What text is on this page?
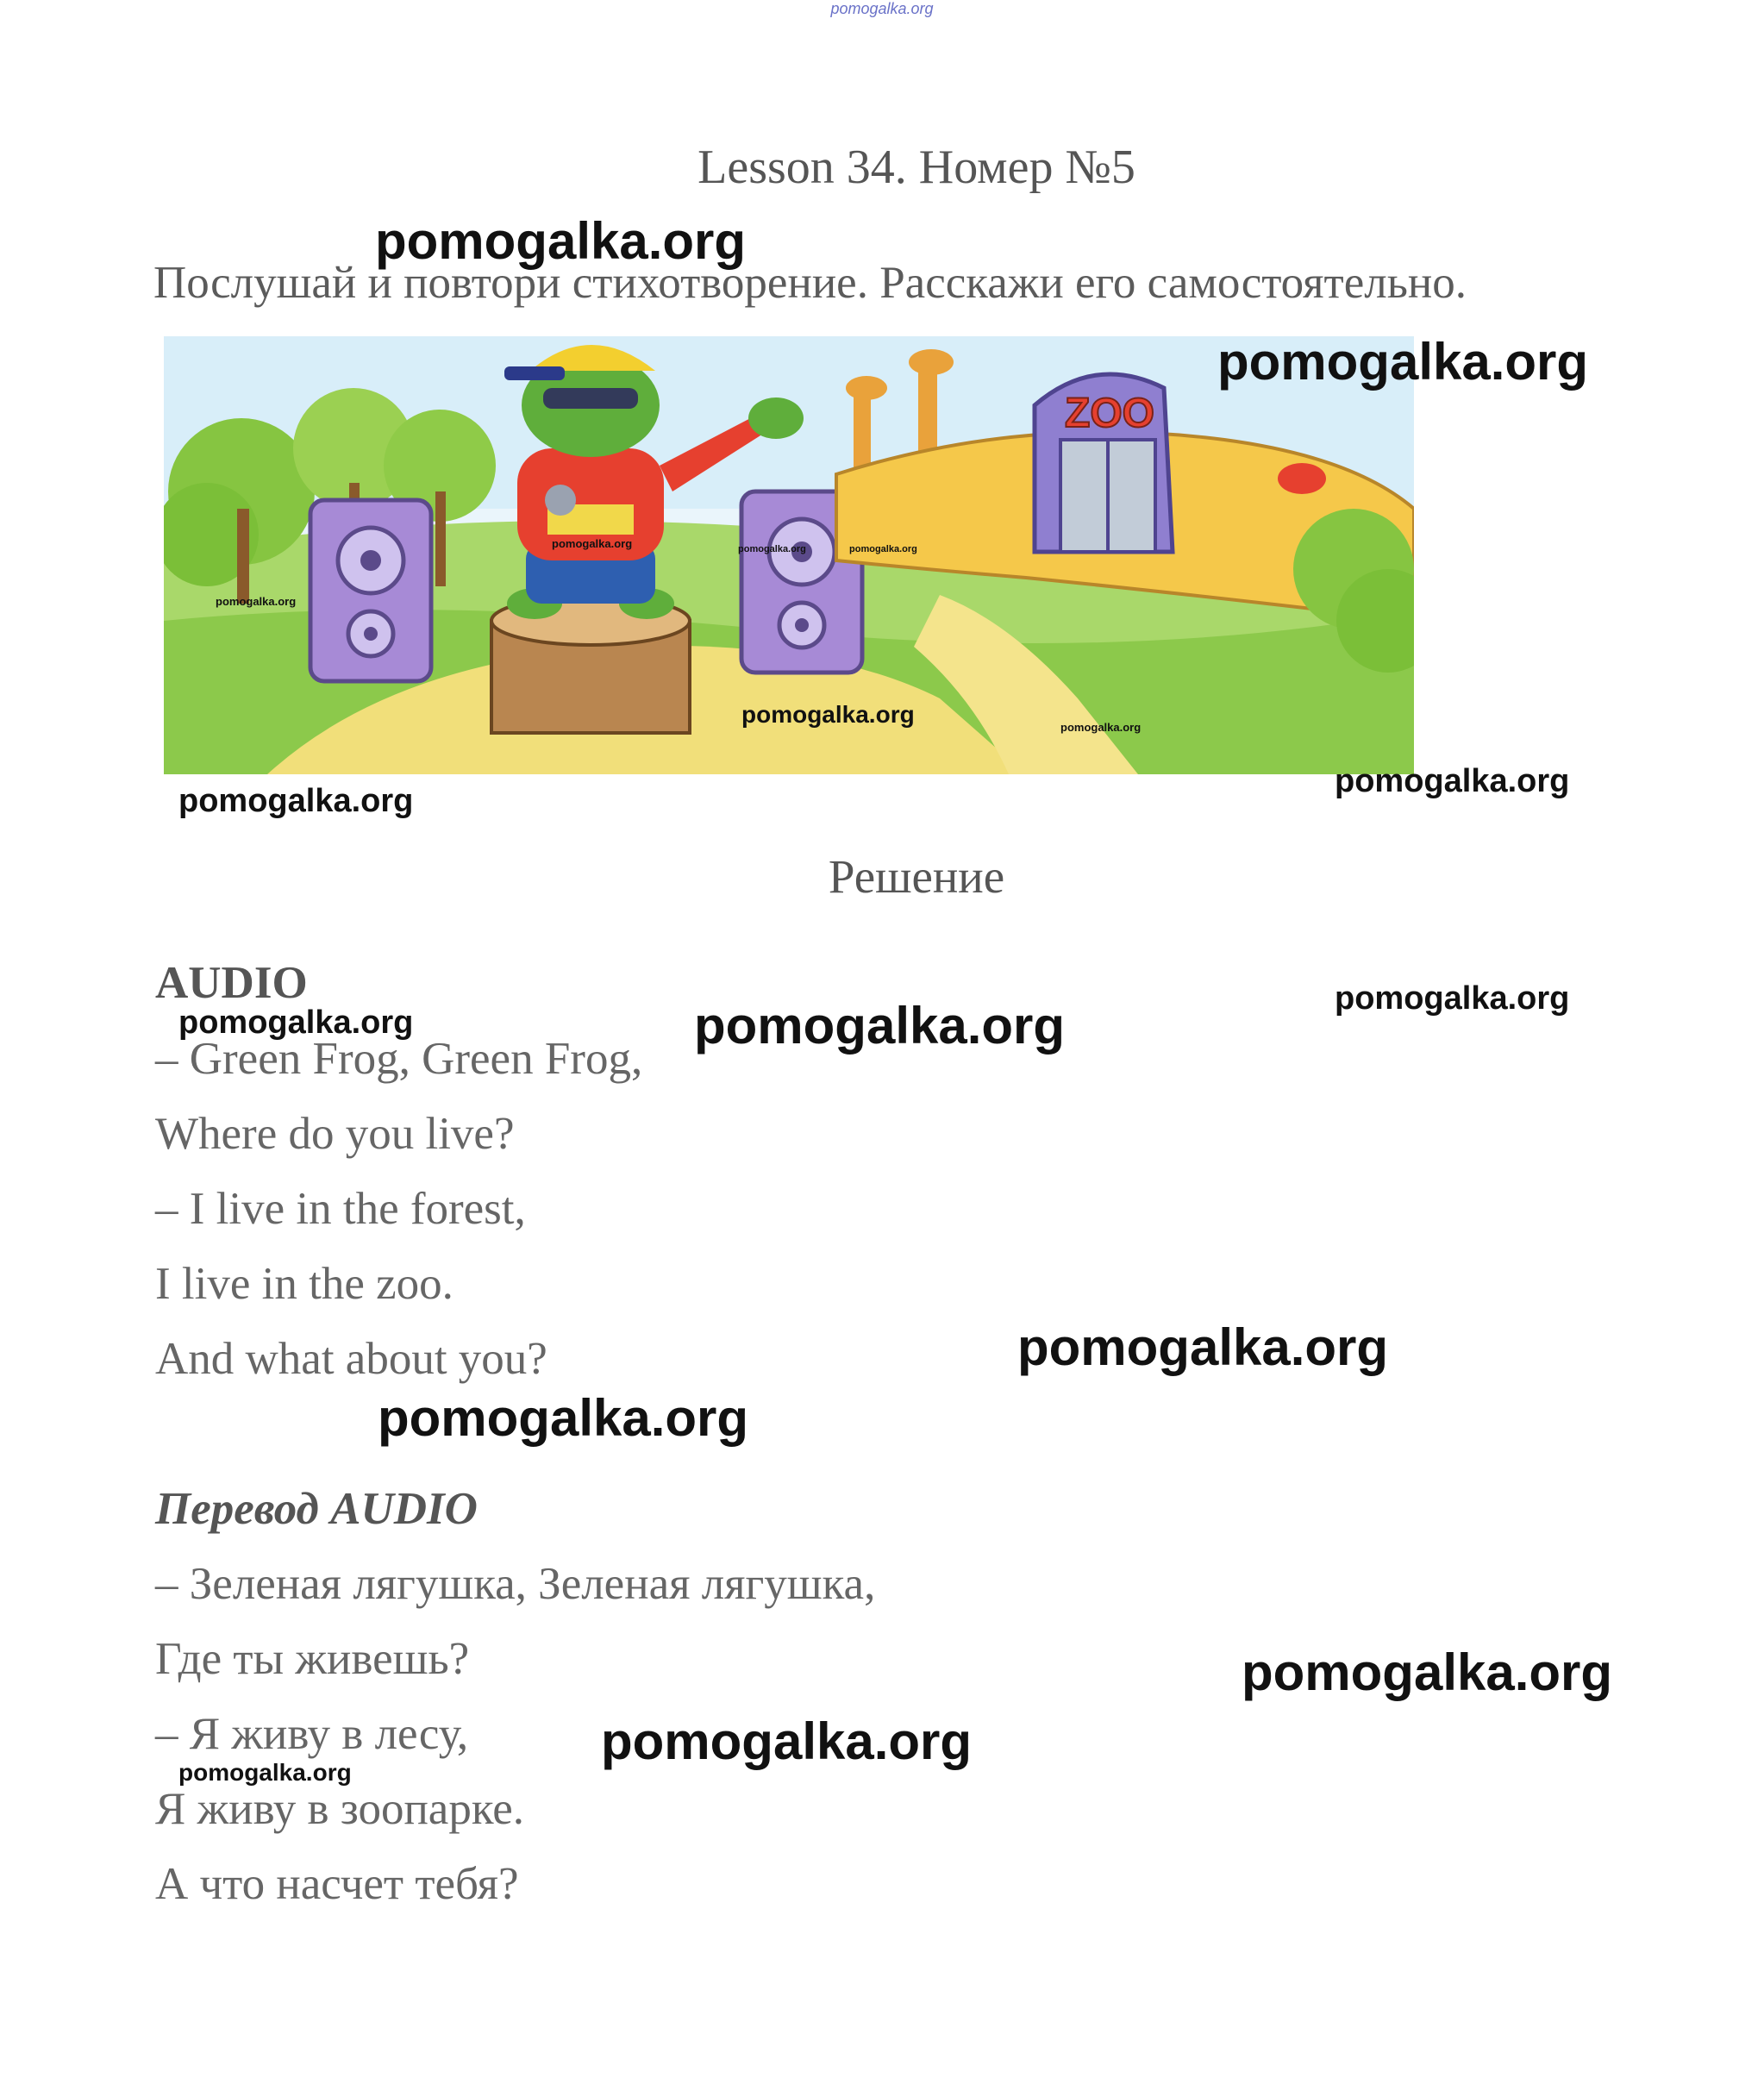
pomogalka.org
Lesson 34. Номер №5
Послушай и повтори стихотворение. Расскажи его самостоятельно.
ZOO
pomogalka.org
pomogalka.org
pomogalka.org	pomogalka.org
pomogalka.org
Решение
AUDIO
– Green Frog, Green Frog,
Where do you live?
– I live in the forest,
I live in the zoo.
And what about you?
Перевод AUDIO
– Зеленая лягушка, Зеленая лягушка,
Где ты живешь?
– Я живу в лесу,
Я живу в зоопарке.
А что насчет тебя?
pomogalka.org
pomogalka.org
pomogalka.org
pomogalka.org
pomogalka.org
pomogalka.org	pomogalka.org	pomogalka.org
pomogalka.org
pomogalka.org
pomogalka.org
pomogalka.org
pomogalka.org
